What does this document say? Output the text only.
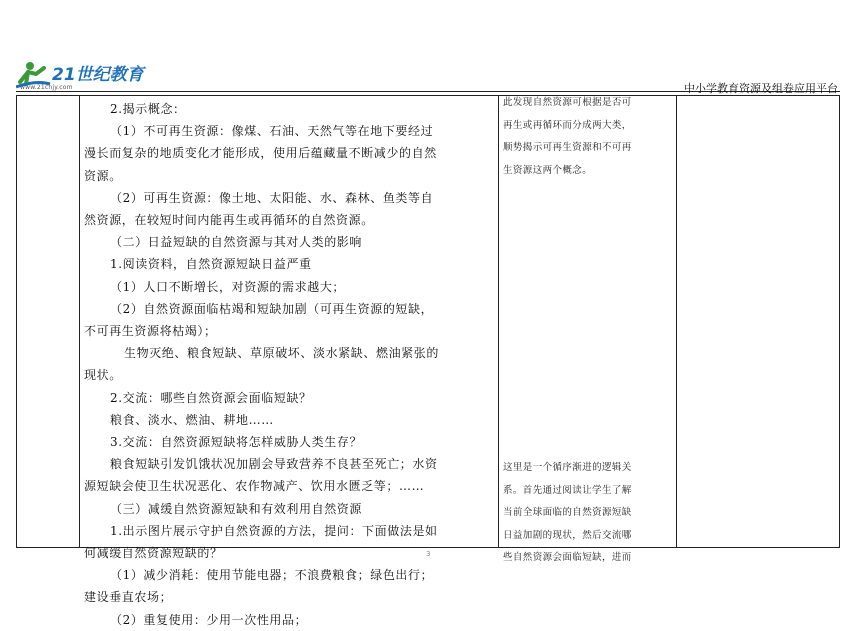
21世纪教育
www.21cnjy.com	中小学教育资源及组卷应用平台

2.揭示概念：

（1）不可再生资源：像煤、石油、天然气等在地下要经过

漫长而复杂的地质变化才能形成，使用后蕴藏量不断减少的自然

资源。

（2）可再生资源：像土地、太阳能、水、森林、鱼类等自

然资源，在较短时间内能再生或再循环的自然资源。

（二）日益短缺的自然资源与其对人类的影响

1.阅读资料，自然资源短缺日益严重

（1）人口不断增长，对资源的需求越大；

（2）自然资源面临枯竭和短缺加剧（可再生资源的短缺，

不可再生资源将枯竭）；

生物灭绝、粮食短缺、草原破坏、淡水紧缺、燃油紧张的

现状。

2.交流：哪些自然资源会面临短缺？

粮食、淡水、燃油、耕地……

3.交流：自然资源短缺将怎样威胁人类生存？

粮食短缺引发饥饿状况加剧会导致营养不良甚至死亡；水资

源短缺会使卫生状况恶化、农作物减产、饮用水匮乏等；……

（三）减缓自然资源短缺和有效利用自然资源

1.出示图片展示守护自然资源的方法，提问：下面做法是如

何减缓自然资源短缺的？

（1）减少消耗：使用节能电器；不浪费粮食；绿色出行；

建设垂直农场；

（2）重复使用：少用一次性用品；

此发现自然资源可根据是否可

再生或再循环而分成两大类，

顺势揭示可再生资源和不可再

生资源这两个概念。

这里是一个循序渐进的逻辑关

系。首先通过阅读让学生了解

当前全球面临的自然资源短缺

日益加剧的现状，然后交流哪

些自然资源会面临短缺，进而

3
